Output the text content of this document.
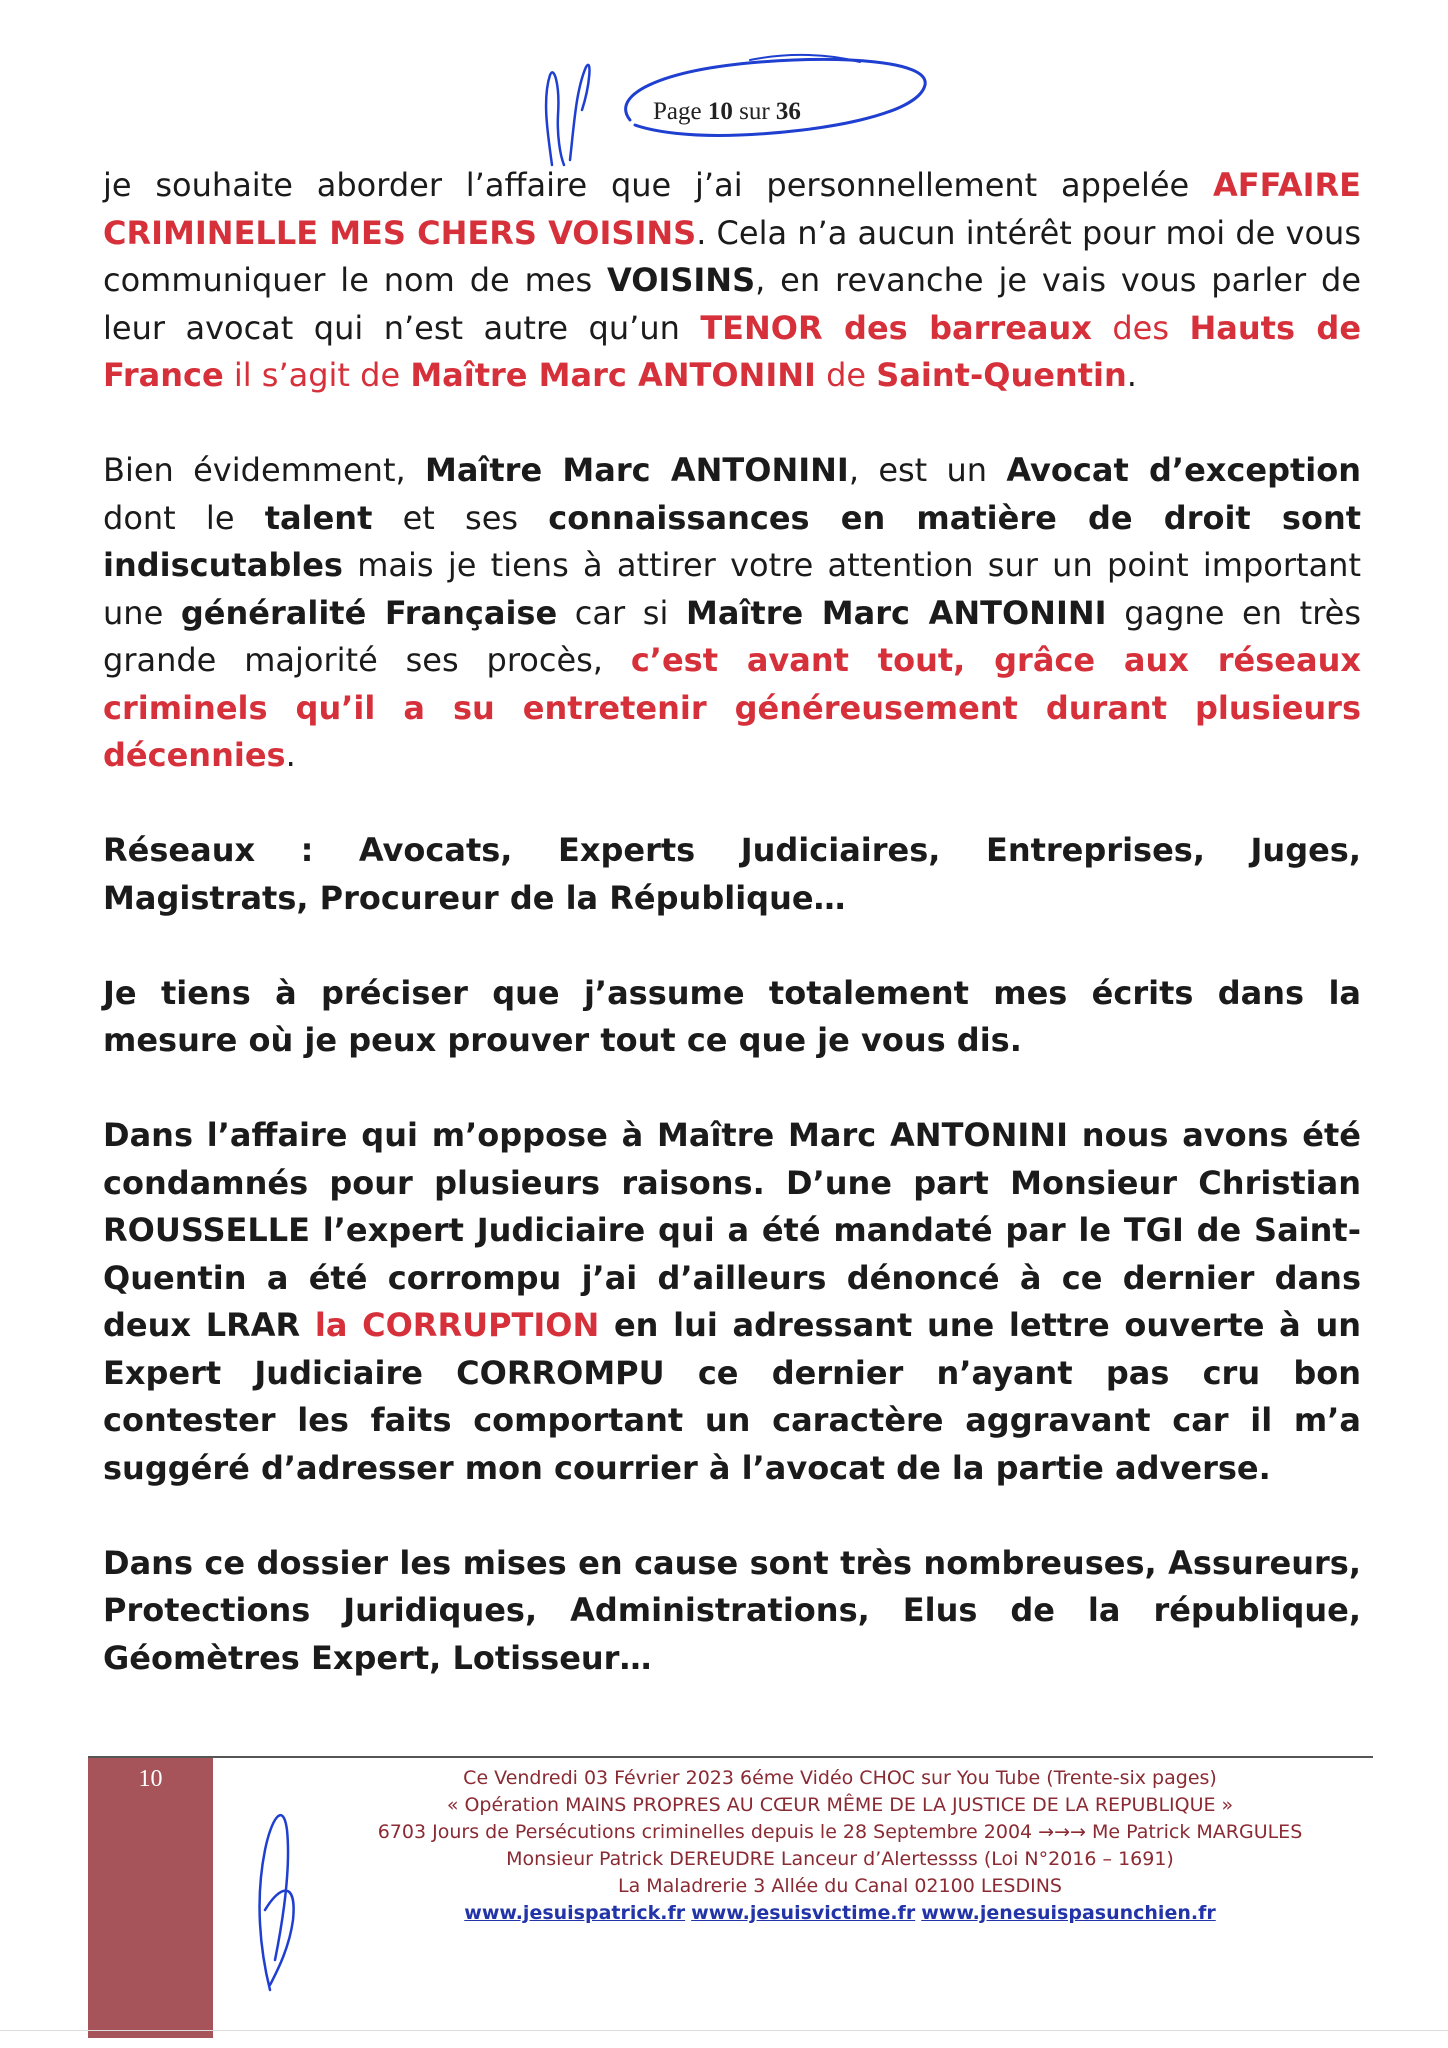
Page 10 sur 36

je souhaite aborder l’affaire que j’ai personnellement appelée AFFAIRE CRIMINELLE MES CHERS VOISINS. Cela n’a aucun intérêt pour moi de vous communiquer le nom de mes VOISINS, en revanche je vais vous parler de leur avocat qui n’est autre qu’un TENOR des barreaux des Hauts de France il s’agit de Maître Marc ANTONINI de Saint-Quentin.

Bien évidemment, Maître Marc ANTONINI, est un Avocat d’exception dont le talent et ses connaissances en matière de droit sont indiscutables mais je tiens à attirer votre attention sur un point important une généralité Française car si Maître Marc ANTONINI gagne en très grande majorité ses procès, c’est avant tout, grâce aux réseaux criminels qu’il a su entretenir généreusement durant plusieurs décennies.

Réseaux : Avocats, Experts Judiciaires, Entreprises, Juges, Magistrats, Procureur de la République…

Je tiens à préciser que j’assume totalement mes écrits dans la mesure où je peux prouver tout ce que je vous dis.

Dans l’affaire qui m’oppose à Maître Marc ANTONINI nous avons été condamnés pour plusieurs raisons. D’une part Monsieur Christian ROUSSELLE l’expert Judiciaire qui a été mandaté par le TGI de Saint-Quentin a été corrompu j’ai d’ailleurs dénoncé à ce dernier dans deux LRAR la CORRUPTION en lui adressant une lettre ouverte à un Expert Judiciaire CORROMPU ce dernier n’ayant pas cru bon contester les faits comportant un caractère aggravant car il m’a suggéré d’adresser mon courrier à l’avocat de la partie adverse.

Dans ce dossier les mises en cause sont très nombreuses, Assureurs, Protections Juridiques, Administrations, Elus de la république, Géomètres Expert, Lotisseur…

10	Ce Vendredi 03 Février 2023 6éme Vidéo CHOC sur You Tube (Trente-six pages)
« Opération MAINS PROPRES AU CŒUR MÊME DE LA JUSTICE DE LA REPUBLIQUE »
6703 Jours de Persécutions criminelles depuis le 28 Septembre 2004 →→→ Me Patrick MARGULES
Monsieur Patrick DEREUDRE Lanceur d’Alertessss (Loi N°2016 – 1691)
La Maladrerie 3 Allée du Canal 02100 LESDINS
www.jesuispatrick.fr www.jesuisvictime.fr www.jenesuispasunchien.fr
